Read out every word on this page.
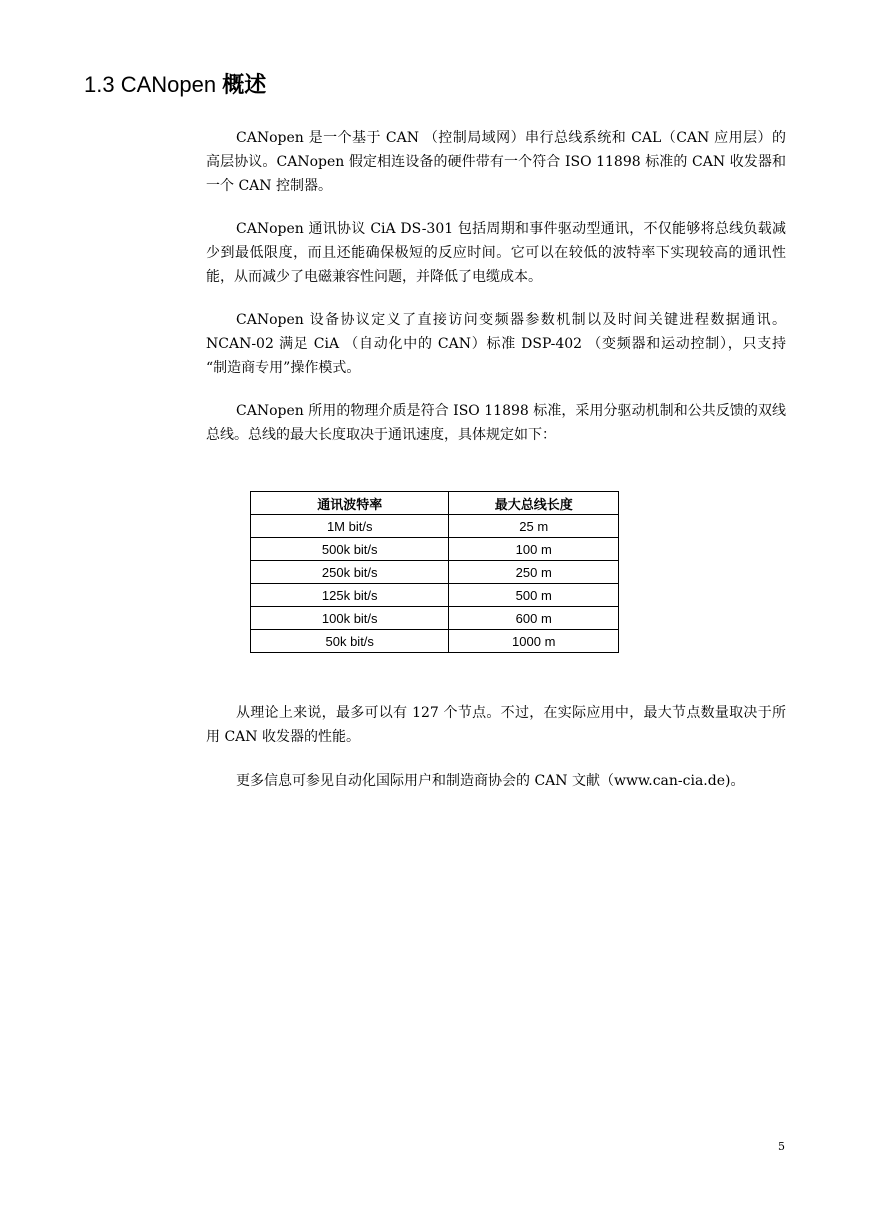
1.3 CANopen 概述

CANopen 是一个基于 CAN （控制局域网）串行总线系统和 CAL（CAN 应用层）的高层协议。CANopen 假定相连设备的硬件带有一个符合 ISO 11898 标准的 CAN 收发器和一个 CAN 控制器。

CANopen 通讯协议 CiA DS-301 包括周期和事件驱动型通讯，不仅能够将总线负载减少到最低限度，而且还能确保极短的反应时间。它可以在较低的波特率下实现较高的通讯性能，从而减少了电磁兼容性问题，并降低了电缆成本。

CANopen 设备协议定义了直接访问变频器参数机制以及时间关键进程数据通讯。NCAN-02 满足 CiA （自动化中的 CAN）标准 DSP-402 （变频器和运动控制），只支持 “制造商专用”操作模式。

CANopen 所用的物理介质是符合 ISO 11898 标准，采用分驱动机制和公共反馈的双线总线。总线的最大长度取决于通讯速度，具体规定如下：

通讯波特率	最大总线长度
1M bit/s	25 m
500k bit/s	100 m
250k bit/s	250 m
125k bit/s	500 m
100k bit/s	600 m
50k bit/s	1000 m

从理论上来说，最多可以有 127 个节点。不过，在实际应用中，最大节点数量取决于所用 CAN 收发器的性能。

更多信息可参见自动化国际用户和制造商协会的 CAN 文献（www.can-cia.de)。

5
